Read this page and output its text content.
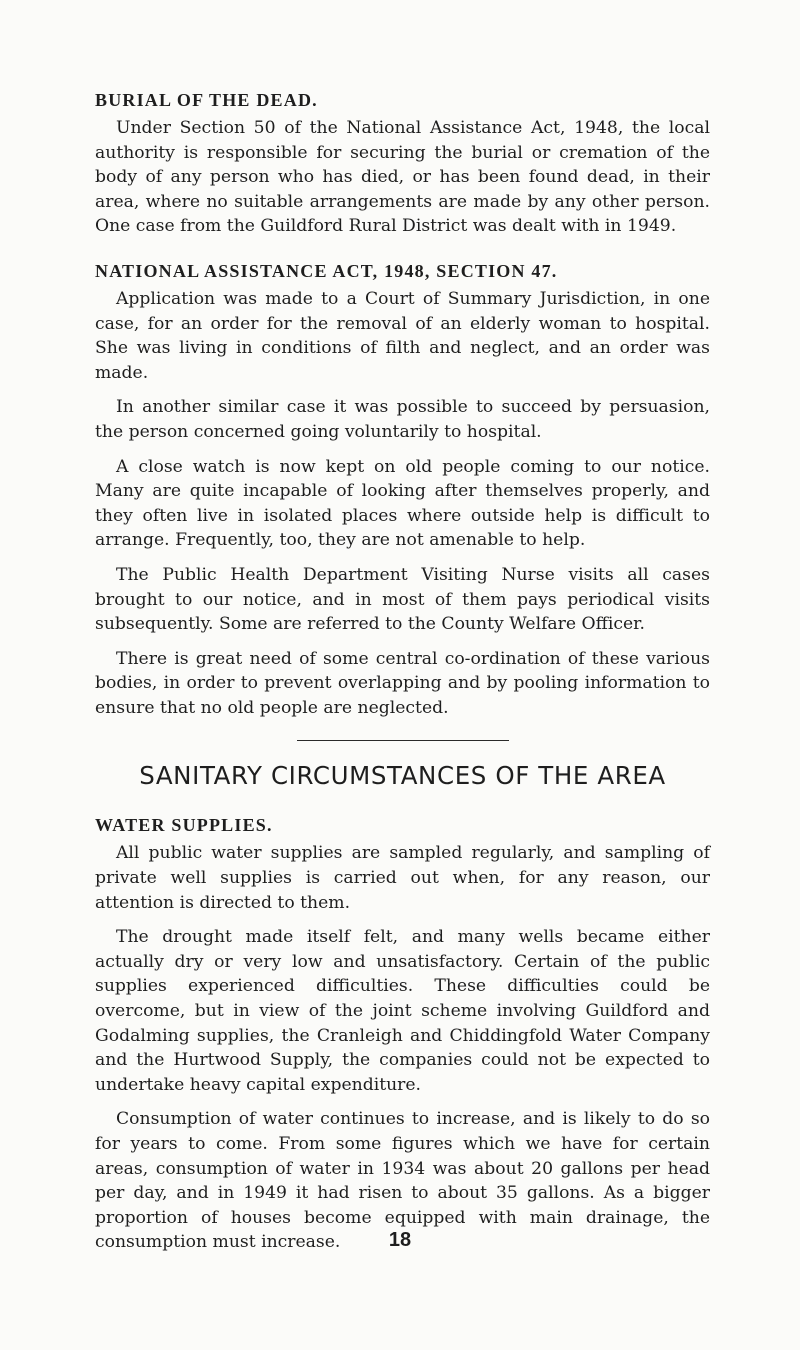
BURIAL OF THE DEAD.

Under Section 50 of the National Assistance Act, 1948, the local authority is responsible for securing the burial or cremation of the body of any person who has died, or has been found dead, in their area, where no suitable arrangements are made by any other person. One case from the Guildford Rural District was dealt with in 1949.

NATIONAL ASSISTANCE ACT, 1948, SECTION 47.

Application was made to a Court of Summary Jurisdiction, in one case, for an order for the removal of an elderly woman to hospital. She was living in conditions of filth and neglect, and an order was made.

In another similar case it was possible to succeed by persuasion, the person concerned going voluntarily to hospital.

A close watch is now kept on old people coming to our notice. Many are quite incapable of looking after themselves properly, and they often live in isolated places where outside help is difficult to arrange. Frequently, too, they are not amenable to help.

The Public Health Department Visiting Nurse visits all cases brought to our notice, and in most of them pays periodical visits subsequently. Some are referred to the County Welfare Officer.

There is great need of some central co-ordination of these various bodies, in order to prevent overlapping and by pooling information to ensure that no old people are neglected.

SANITARY CIRCUMSTANCES OF THE AREA
WATER SUPPLIES.

All public water supplies are sampled regularly, and sampling of private well supplies is carried out when, for any reason, our attention is directed to them.

The drought made itself felt, and many wells became either actually dry or very low and unsatisfactory. Certain of the public supplies experienced difficulties. These difficulties could be overcome, but in view of the joint scheme involving Guildford and Godalming supplies, the Cranleigh and Chiddingfold Water Company and the Hurtwood Supply, the companies could not be expected to undertake heavy capital expenditure.

Consumption of water continues to increase, and is likely to do so for years to come. From some figures which we have for certain areas, consumption of water in 1934 was about 20 gallons per head per day, and in 1949 it had risen to about 35 gallons. As a bigger proportion of houses become equipped with main drainage, the consumption must increase.	18
